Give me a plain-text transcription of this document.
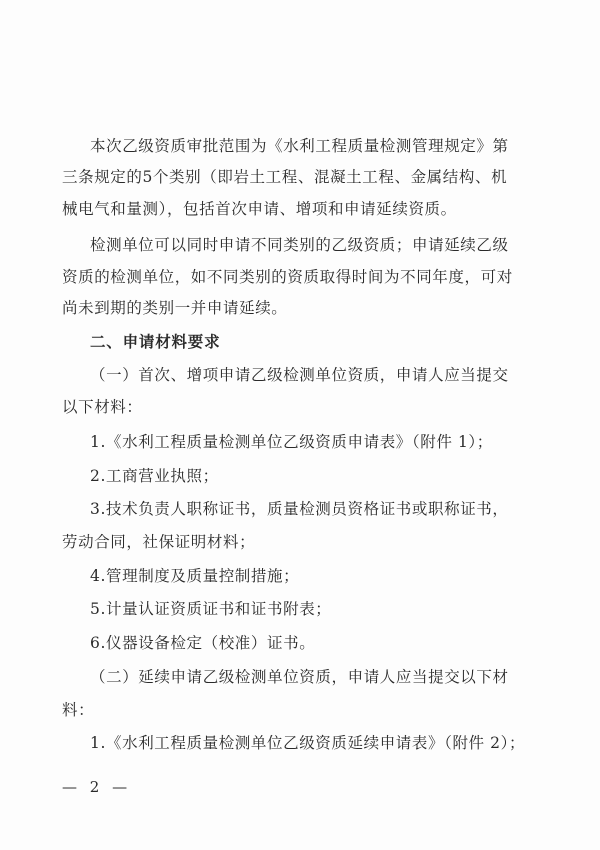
本次乙级资质审批范围为《水利工程质量检测管理规定》第
三条规定的5个类别（即岩土工程、混凝土工程、金属结构、机
械电气和量测），包括首次申请、增项和申请延续资质。
检测单位可以同时申请不同类别的乙级资质；申请延续乙级
资质的检测单位，如不同类别的资质取得时间为不同年度，可对
尚未到期的类别一并申请延续。
二、申请材料要求
（一）首次、增项申请乙级检测单位资质，申请人应当提交
以下材料：
1.《水利工程质量检测单位乙级资质申请表》（附件 1）；
2.工商营业执照；
3.技术负责人职称证书，质量检测员资格证书或职称证书，
劳动合同，社保证明材料；
4.管理制度及质量控制措施；
5.计量认证资质证书和证书附表；
6.仪器设备检定（校准）证书。
（二）延续申请乙级检测单位资质，申请人应当提交以下材
料：
1.《水利工程质量检测单位乙级资质延续申请表》（附件 2）；
— 2 —
